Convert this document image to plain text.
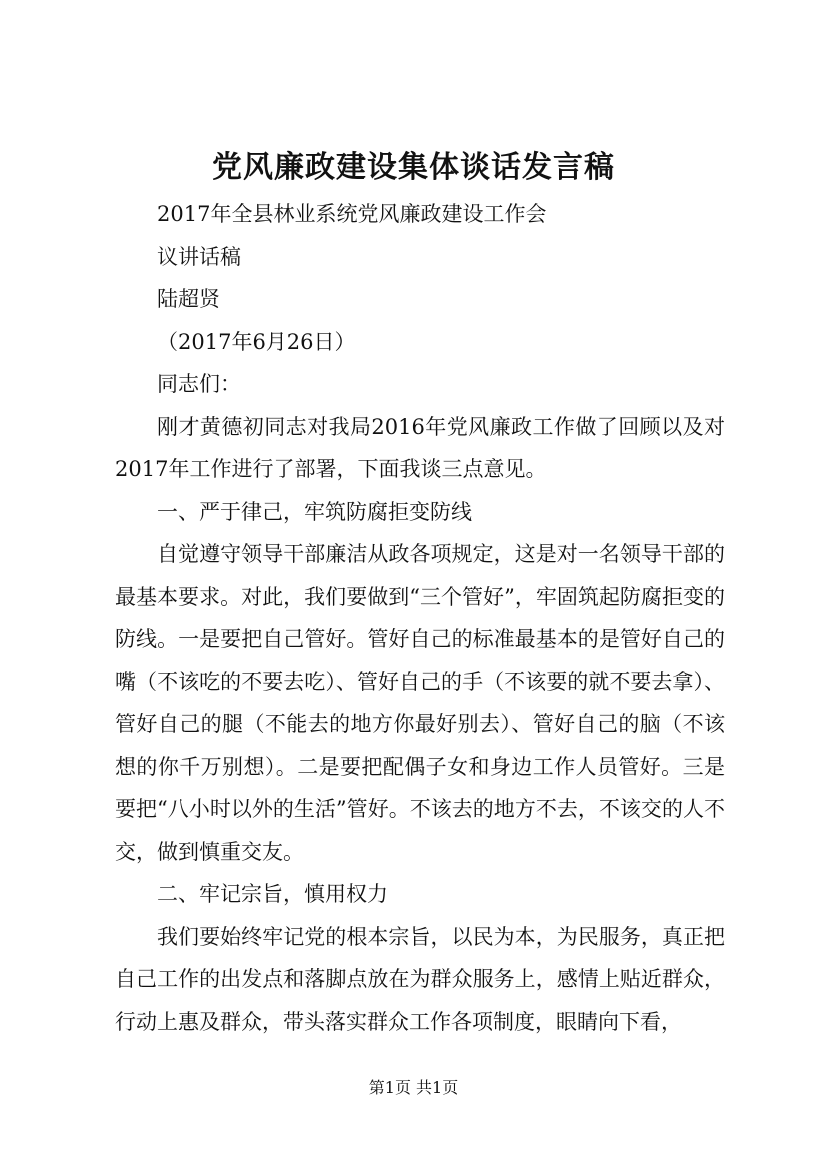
党风廉政建设集体谈话发言稿

2017年全县林业系统党风廉政建设工作会

议讲话稿

陆超贤

（2017年6月26日）

同志们：

刚才黄德初同志对我局2016年党风廉政工作做了回顾以及对2017年工作进行了部署，下面我谈三点意见。

一、严于律己，牢筑防腐拒变防线

自觉遵守领导干部廉洁从政各项规定，这是对一名领导干部的最基本要求。对此，我们要做到“三个管好”，牢固筑起防腐拒变的防线。一是要把自己管好。管好自己的标准最基本的是管好自己的嘴（不该吃的不要去吃）、管好自己的手（不该要的就不要去拿）、管好自己的腿（不能去的地方你最好别去）、管好自己的脑（不该想的你千万别想）。二是要把配偶子女和身边工作人员管好。三是要把“八小时以外的生活”管好。不该去的地方不去，不该交的人不交，做到慎重交友。

二、牢记宗旨，慎用权力

我们要始终牢记党的根本宗旨，以民为本，为民服务，真正把自己工作的出发点和落脚点放在为群众服务上，感情上贴近群众，行动上惠及群众，带头落实群众工作各项制度，眼睛向下看，

第1页 共1页
